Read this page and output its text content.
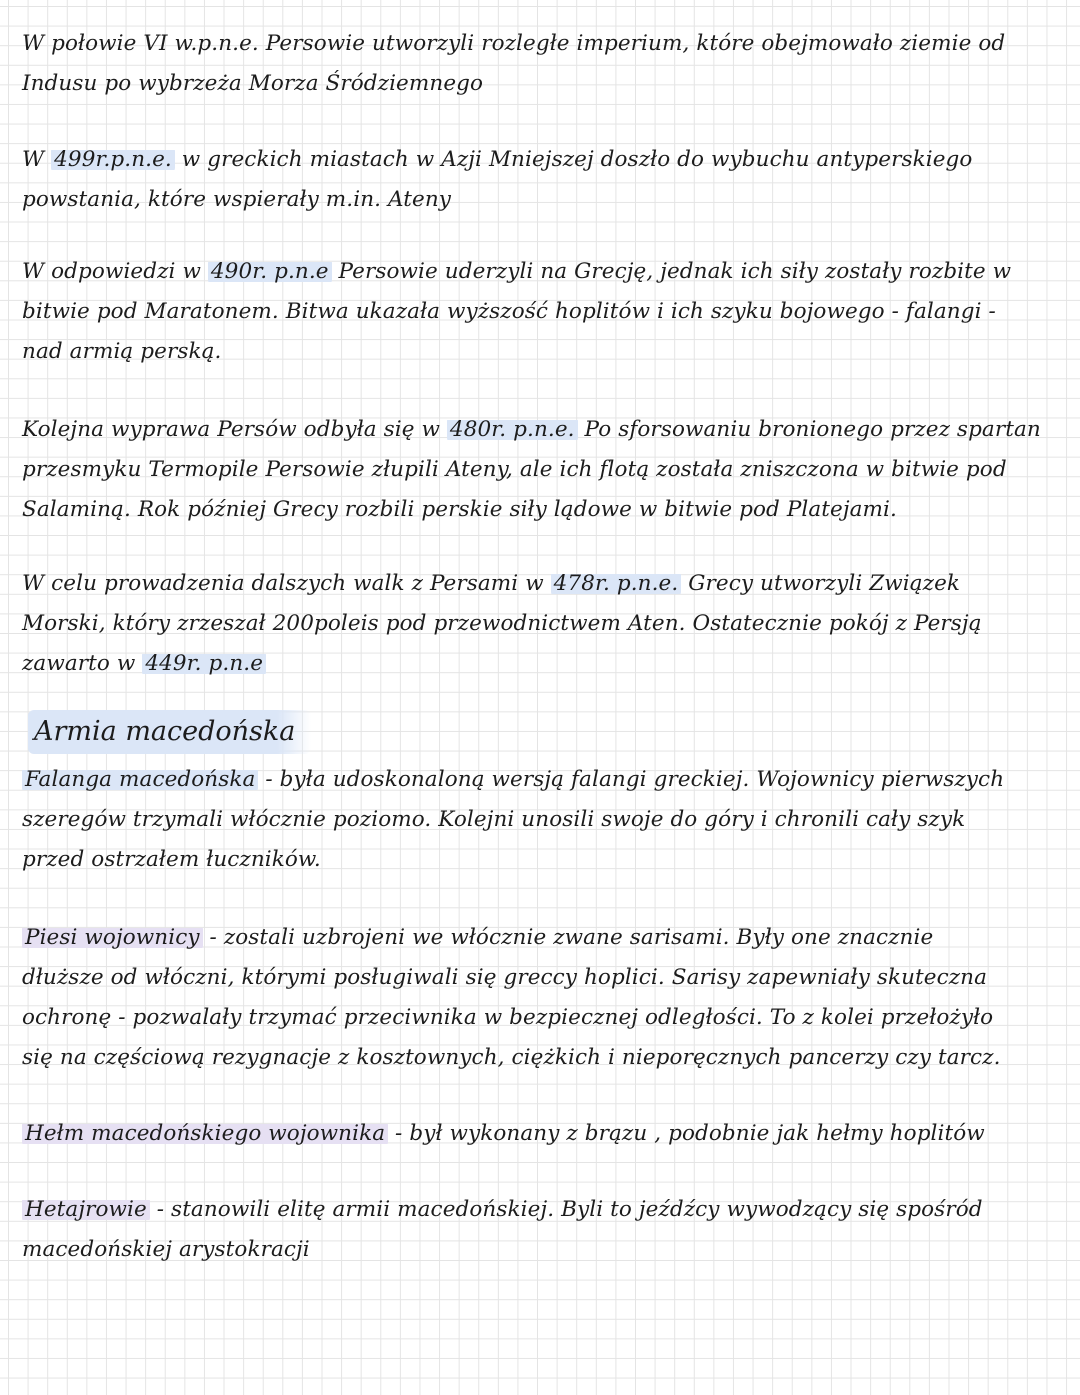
W połowie VI w.p.n.e. Persowie utworzyli rozległe imperium, które obejmowało ziemie od
Indusu po wybrzeża Morza Śródziemnego

W 499r.p.n.e. w greckich miastach w Azji Mniejszej doszło do wybuchu antyperskiego
powstania, które wspierały m.in. Ateny

W odpowiedzi w 490r. p.n.e Persowie uderzyli na Grecję, jednak ich siły zostały rozbite w
bitwie pod Maratonem. Bitwa ukazała wyższość hoplitów i ich szyku bojowego - falangi -
nad armią perską.

Kolejna wyprawa Persów odbyła się w 480r. p.n.e. Po sforsowaniu bronionego przez spartan
przesmyku Termopile Persowie złupili Ateny, ale ich flotą została zniszczona w bitwie pod
Salaminą. Rok później Grecy rozbili perskie siły lądowe w bitwie pod Platejami.

W celu prowadzenia dalszych walk z Persami w 478r. p.n.e. Grecy utworzyli Związek
Morski, który zrzeszał 200poleis pod przewodnictwem Aten. Ostatecznie pokój z Persją
zawarto w 449r. p.n.e

Armia macedońska

Falanga macedońska - była udoskonaloną wersją falangi greckiej. Wojownicy pierwszych
szeregów trzymali włócznie poziomo. Kolejni unosili swoje do góry i chronili cały szyk
przed ostrzałem łuczników.

Piesi wojownicy - zostali uzbrojeni we włócznie zwane sarisami. Były one znacznie
dłuższe od włóczni, którymi posługiwali się greccy hoplici. Sarisy zapewniały skuteczna
ochronę - pozwalały trzymać przeciwnika w bezpiecznej odległości. To z kolei przełożyło
się na częściową rezygnacje z kosztownych, ciężkich i nieporęcznych pancerzy czy tarcz.

Hełm macedońskiego wojownika - był wykonany z brązu , podobnie jak hełmy hoplitów

Hetajrowie - stanowili elitę armii macedońskiej. Byli to jeźdźcy wywodzący się spośród
macedońskiej arystokracji
